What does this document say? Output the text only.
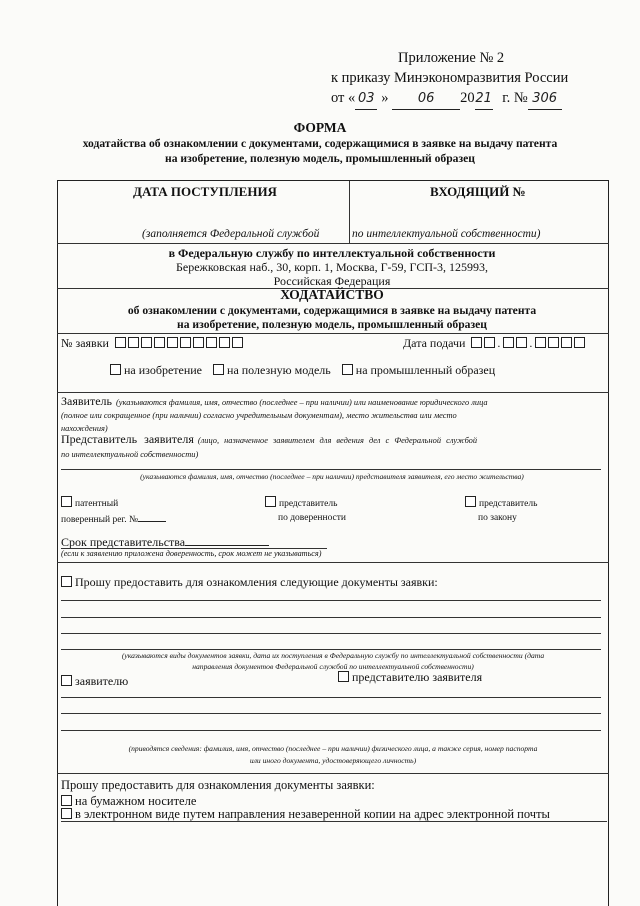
Приложение № 2
к приказу Минэкономразвития России
от « 03 » 06 2021 г. № 306
ФОРМА
ходатайства об ознакомлении с документами, содержащимися в заявке на выдачу патента
на изобретение, полезную модель, промышленный образец
ДАТА ПОСТУПЛЕНИЯ	ВХОДЯЩИЙ №
(заполняется Федеральной службой	по интеллектуальной собственности)
в Федеральную службу по интеллектуальной собственности
Бережковская наб., 30, корп. 1, Москва, Г-59, ГСП-3, 125993,
Российская Федерация
ХОДАТАЙСТВО
об ознакомлении с документами, содержащимися в заявке на выдачу патента
на изобретение, полезную модель, промышленный образец
№ заявки	Дата подачи	. .
на изобретение на полезную модель на промышленный образец
Заявитель (указываются фамилия, имя, отчество (последнее – при наличии) или наименование юридического лица
(полное или сокращенное (при наличии) согласно учредительным документам), место жительства или место
нахождения)
Представитель заявителя (лицо, назначенное заявителем для ведения дел с Федеральной службой
по интеллектуальной собственности)
(указываются фамилия, имя, отчество (последнее – при наличии) представителя заявителя, его место жительства)
патентный
поверенный рег. №
представитель
по доверенности
представитель
по закону
Срок представительства
(если к заявлению приложена доверенность, срок может не указываться)
Прошу предоставить для ознакомления следующие документы заявки:
(указываются виды документов заявки, дата их поступления в Федеральную службу по интеллектуальной собственности (дата
направления документов Федеральной службой по интеллектуальной собственности)
заявителю	представителю заявителя
(приводятся сведения: фамилия, имя, отчество (последнее – при наличии) физического лица, а также серия, номер паспорта
или иного документа, удостоверяющего личность)
Прошу предоставить для ознакомления документы заявки:
на бумажном носителе
в электронном виде путем направления незаверенной копии на адрес электронной почты
